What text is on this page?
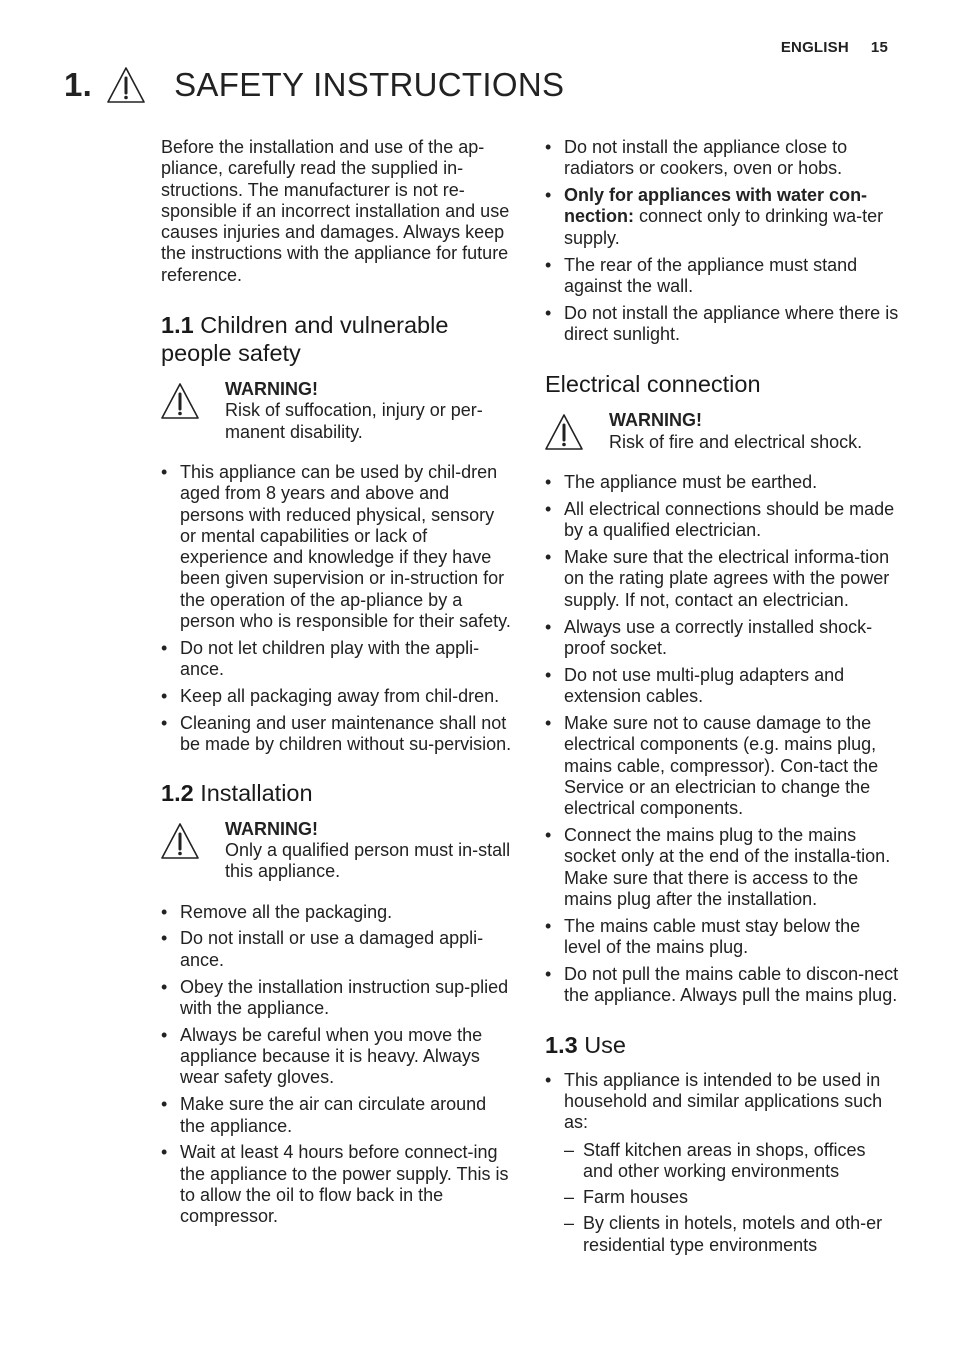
ENGLISH 15
1. SAFETY INSTRUCTIONS

Before the installation and use of the ap-pliance, carefully read the supplied in-structions. The manufacturer is not re-sponsible if an incorrect installation and use causes injuries and damages. Always keep the instructions with the appliance for future reference.

1.1 Children and vulnerable people safety
WARNING!
Risk of suffocation, injury or per-manent disability.
• This appliance can be used by chil-dren aged from 8 years and above and persons with reduced physical, sensory or mental capabilities or lack of experience and knowledge if they have been given supervision or in-struction for the operation of the ap-pliance by a person who is responsible for their safety.
• Do not let children play with the appli-ance.
• Keep all packaging away from chil-dren.
• Cleaning and user maintenance shall not be made by children without su-pervision.
1.2 Installation
WARNING!
Only a qualified person must in-stall this appliance.
• Remove all the packaging.
• Do not install or use a damaged appli-ance.
• Obey the installation instruction sup-plied with the appliance.
• Always be careful when you move the appliance because it is heavy. Always wear safety gloves.
• Make sure the air can circulate around the appliance.
• Wait at least 4 hours before connect-ing the appliance to the power supply. This is to allow the oil to flow back in the compressor.
• Do not install the appliance close to radiators or cookers, oven or hobs.
• Only for appliances with water con-nection: connect only to drinking wa-ter supply.
• The rear of the appliance must stand against the wall.
• Do not install the appliance where there is direct sunlight.
Electrical connection
WARNING!
Risk of fire and electrical shock.
• The appliance must be earthed.
• All electrical connections should be made by a qualified electrician.
• Make sure that the electrical informa-tion on the rating plate agrees with the power supply. If not, contact an electrician.
• Always use a correctly installed shock-proof socket.
• Do not use multi-plug adapters and extension cables.
• Make sure not to cause damage to the electrical components (e.g. mains plug, mains cable, compressor). Con-tact the Service or an electrician to change the electrical components.
• Connect the mains plug to the mains socket only at the end of the installa-tion. Make sure that there is access to the mains plug after the installation.
• The mains cable must stay below the level of the mains plug.
• Do not pull the mains cable to discon-nect the appliance. Always pull the mains plug.
1.3 Use
• This appliance is intended to be used in household and similar applications such as:
– Staff kitchen areas in shops, offices and other working environments
– Farm houses
– By clients in hotels, motels and oth-er residential type environments
